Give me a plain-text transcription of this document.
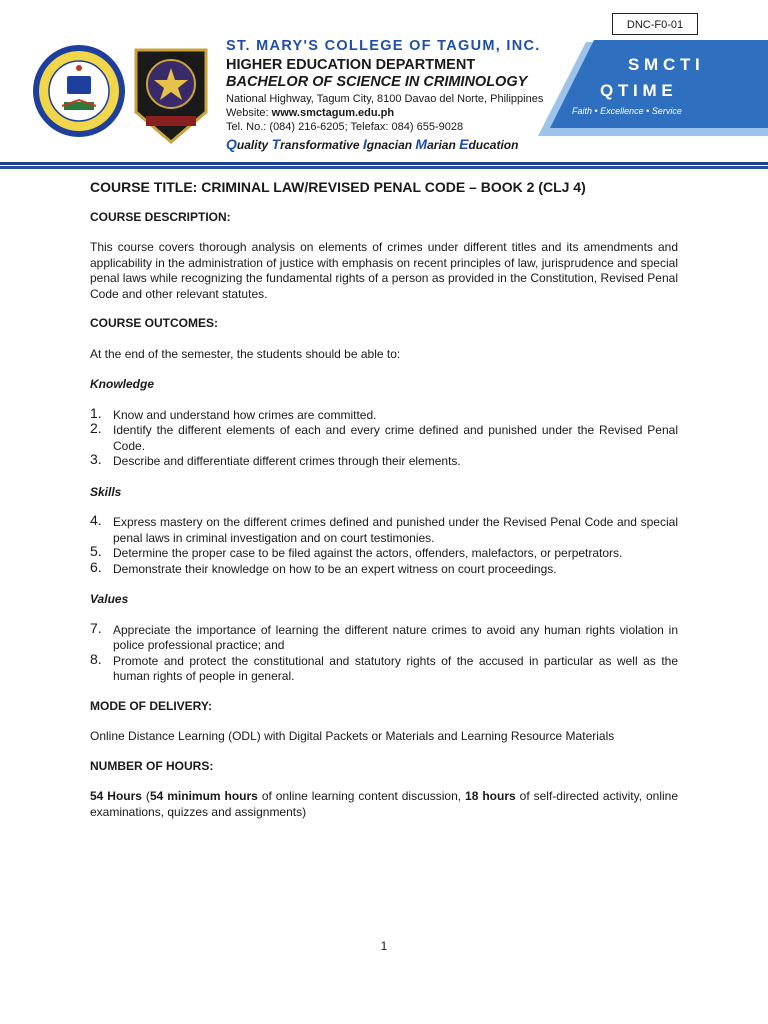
DNC-F0-01
ST. MARY'S COLLEGE OF TAGUM, INC.
HIGHER EDUCATION DEPARTMENT
BACHELOR OF SCIENCE IN CRIMINOLOGY
National Highway, Tagum City, 8100 Davao del Norte, Philippines
Website: www.smctagum.edu.ph
Tel. No.: (084) 216-6205; Telefax: 084) 655-9028
Quality Transformative Ignacian Marian Education
S M C T I
Q T I M E
Faith • Excellence • Service
COURSE TITLE: CRIMINAL LAW/REVISED PENAL CODE – BOOK 2 (CLJ 4)
COURSE DESCRIPTION:

This course covers thorough analysis on elements of crimes under different titles and its amendments and applicability in the administration of justice with emphasis on recent principles of law, jurisprudence and special penal laws while recognizing the fundamental rights of a person as provided in the Constitution, Revised Penal Code and other relevant statutes.

COURSE OUTCOMES:

At the end of the semester, the students should be able to:

Knowledge
1. Know and understand how crimes are committed.
2. Identify the different elements of each and every crime defined and punished under the Revised Penal Code.
3. Describe and differentiate different crimes through their elements.
Skills
4. Express mastery on the different crimes defined and punished under the Revised Penal Code and special penal laws in criminal investigation and on court testimonies.
5. Determine the proper case to be filed against the actors, offenders, malefactors, or perpetrators.
6. Demonstrate their knowledge on how to be an expert witness on court proceedings.
Values
7. Appreciate the importance of learning the different nature crimes to avoid any human rights violation in police professional practice; and
8. Promote and protect the constitutional and statutory rights of the accused in particular as well as the human rights of people in general.
MODE OF DELIVERY:

Online Distance Learning (ODL) with Digital Packets or Materials and Learning Resource Materials

NUMBER OF HOURS:

54 Hours (54 minimum hours of online learning content discussion, 18 hours of self-directed activity, online examinations, quizzes and assignments)

1
